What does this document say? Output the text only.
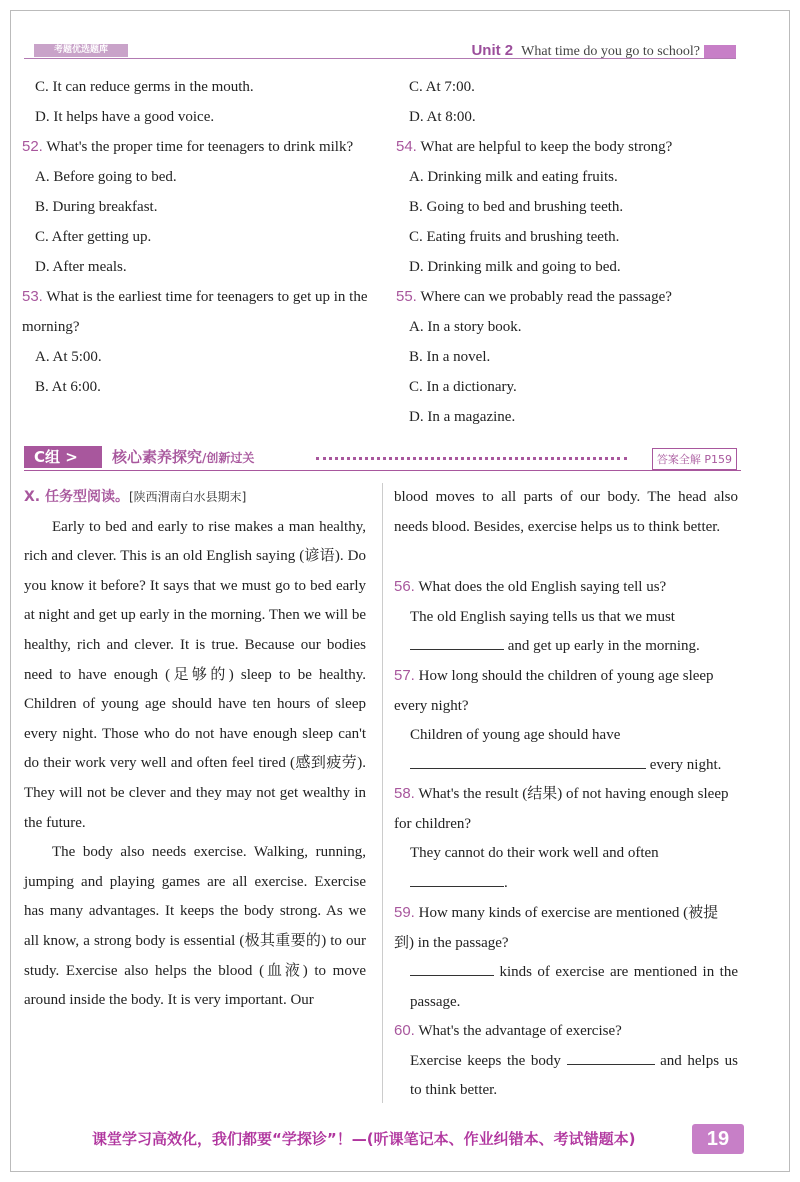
考题优选题库	Unit 2 What time do you go to school?
C. It can reduce germs in the mouth.
D. It helps have a good voice.
52. What's the proper time for teenagers to drink milk?
A. Before going to bed.
B. During breakfast.
C. After getting up.
D. After meals.
53. What is the earliest time for teenagers to get up in the morning?
A. At 5:00.
B. At 6:00.
C. At 7:00.
D. At 8:00.
54. What are helpful to keep the body strong?
A. Drinking milk and eating fruits.
B. Going to bed and brushing teeth.
C. Eating fruits and brushing teeth.
D. Drinking milk and going to bed.
55. Where can we probably read the passage?
A. In a story book.
B. In a novel.
C. In a dictionary.
D. In a magazine.
C组 >	核心素养探究/创新过关	答案全解 P159
X. 任务型阅读。[陕西渭南白水县期末]

Early to bed and early to rise makes a man healthy, rich and clever. This is an old English saying (谚语). Do you know it before? It says that we must go to bed early at night and get up early in the morning. Then we will be healthy, rich and clever. It is true. Because our bodies need to have enough (足够的) sleep to be healthy. Children of young age should have ten hours of sleep every night. Those who do not have enough sleep can't do their work very well and often feel tired (感到疲劳). They will not be clever and they may not get wealthy in the future.

The body also needs exercise. Walking, running, jumping and playing games are all exercise. Exercise has many advantages. It keeps the body strong. As we all know, a strong body is essential (极其重要的) to our study. Exercise also helps the blood (血液) to move around inside the body. It is very important. Our

blood moves to all parts of our body. The head also needs blood. Besides, exercise helps us to think better.
56. What does the old English saying tell us?
The old English saying tells us that we must
and get up early in the morning.
57. How long should the children of young age sleep every night?
Children of young age should have
every night.
58. What's the result (结果) of not having enough sleep for children?
They cannot do their work well and often
.
59. How many kinds of exercise are mentioned (被提到) in the passage?
kinds of exercise are mentioned in the passage.
60. What's the advantage of exercise?
Exercise keeps the body	and helps us to think better.
课堂学习高效化，我们都要“学探诊”！—(听课笔记本、作业纠错本、考试错题本)	19
